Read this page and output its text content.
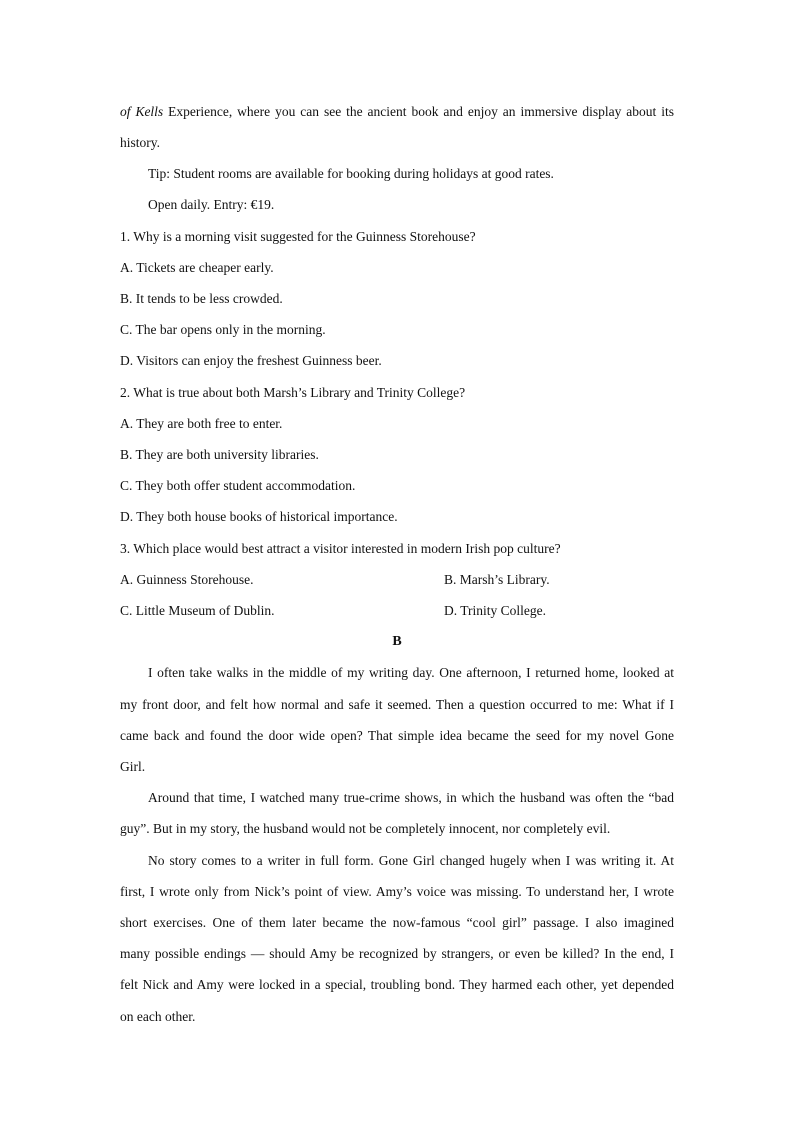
of Kells Experience, where you can see the ancient book and enjoy an immersive display about its
history.
Tip: Student rooms are available for booking during holidays at good rates.
Open daily. Entry: €19.
1. Why is a morning visit suggested for the Guinness Storehouse?
A. Tickets are cheaper early.
B. It tends to be less crowded.
C. The bar opens only in the morning.
D. Visitors can enjoy the freshest Guinness beer.
2. What is true about both Marsh’s Library and Trinity College?
A. They are both free to enter.
B. They are both university libraries.
C. They both offer student accommodation.
D. They both house books of historical importance.
3. Which place would best attract a visitor interested in modern Irish pop culture?
A. Guinness Storehouse.	B. Marsh’s Library.
C. Little Museum of Dublin.	D. Trinity College.
B
I often take walks in the middle of my writing day. One afternoon, I returned home, looked at
my front door, and felt how normal and safe it seemed. Then a question occurred to me: What if I
came back and found the door wide open? That simple idea became the seed for my novel Gone
Girl.
Around that time, I watched many true-crime shows, in which the husband was often the “bad
guy”. But in my story, the husband would not be completely innocent, nor completely evil.
No story comes to a writer in full form. Gone Girl changed hugely when I was writing it. At
first, I wrote only from Nick’s point of view. Amy’s voice was missing. To understand her, I wrote
short exercises. One of them later became the now-famous “cool girl” passage. I also imagined
many possible endings — should Amy be recognized by strangers, or even be killed? In the end, I
felt Nick and Amy were locked in a special, troubling bond. They harmed each other, yet depended
on each other.
